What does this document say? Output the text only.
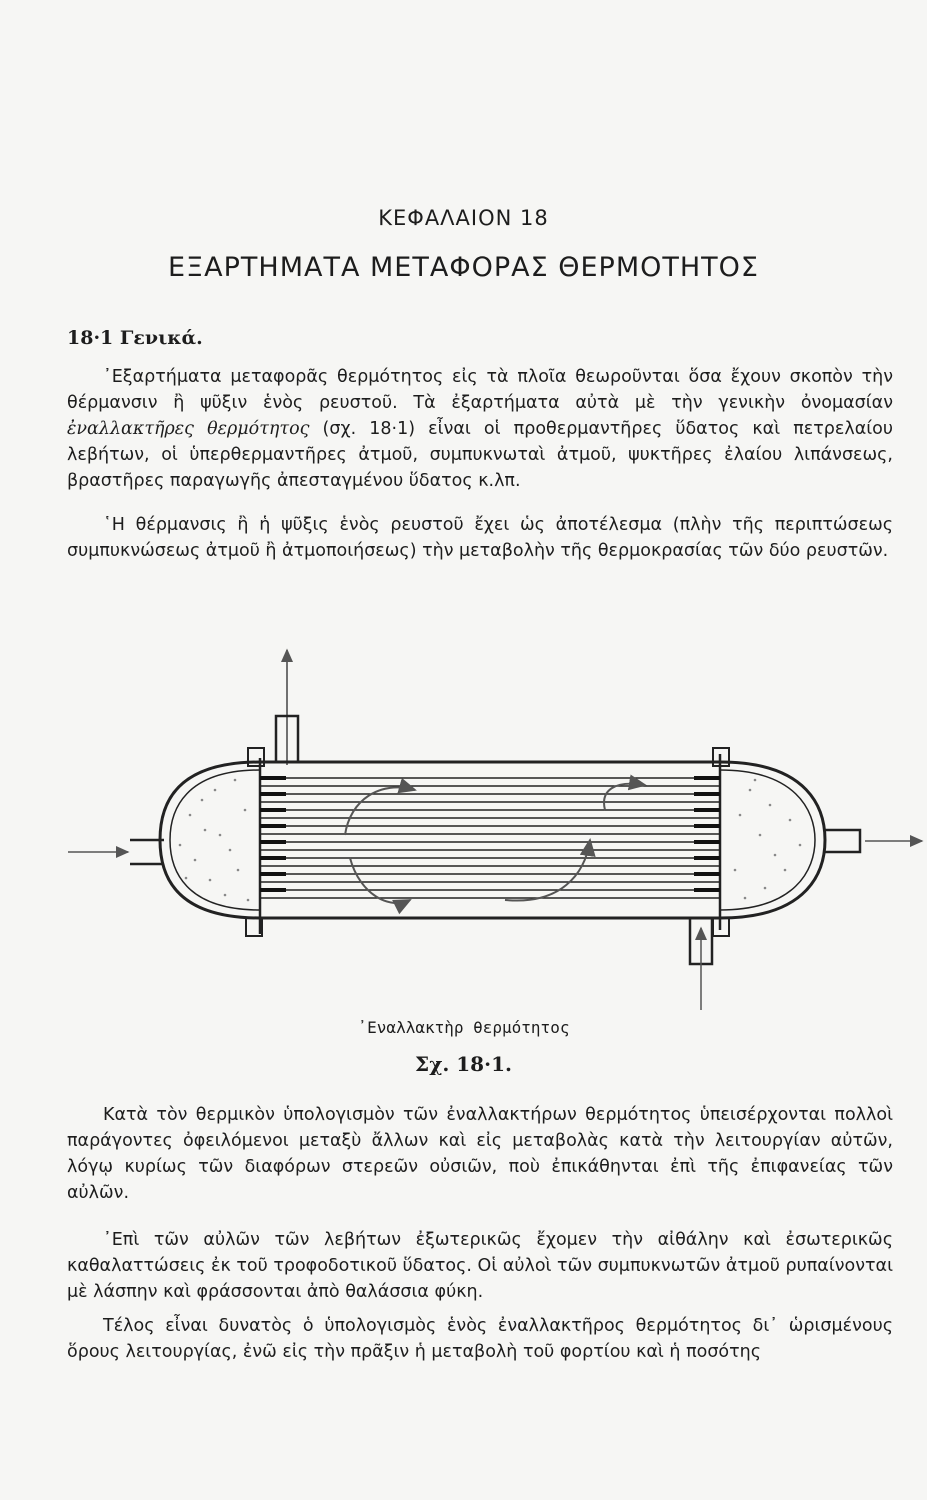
ΚΕΦΑΛΑΙΟΝ 18
ΕΞΑΡΤΗΜΑΤΑ ΜΕΤΑΦΟΡΑΣ ΘΕΡΜΟΤΗΤΟΣ
18·1 Γενικά.

᾿Εξαρτήματα μεταφορᾶς θερμότητος εἰς τὰ πλοῖα θεωροῦνται ὅσα ἔχουν σκοπὸν τὴν θέρμανσιν ἢ ψῦξιν ἑνὸς ρευστοῦ. Τὰ ἐξαρτήματα αὐτὰ μὲ τὴν γενικὴν ὀνομασίαν ἐναλλακτῆρες θερμότητος (σχ. 18·1) εἶναι οἱ προθερμαντῆρες ὕδατος καὶ πετρελαίου λεβήτων, οἱ ὑπερθερμαντῆρες ἀτμοῦ, συμπυκνωταὶ ἀτμοῦ, ψυκτῆρες ἐλαίου λιπάνσεως, βραστῆρες παραγωγῆς ἀπεσταγμένου ὕδατος κ.λπ.

῾Η θέρμανσις ἢ ἡ ψῦξις ἑνὸς ρευστοῦ ἔχει ὡς ἀποτέλεσμα (πλὴν τῆς περιπτώσεως συμπυκνώσεως ἀτμοῦ ἢ ἀτμοποιήσεως) τὴν μεταβολὴν τῆς θερμοκρασίας τῶν δύο ρευστῶν.

᾿Εναλλακτὴρ θερμότητος
Σχ. 18·1.

Κατὰ τὸν θερμικὸν ὑπολογισμὸν τῶν ἐναλλακτήρων θερμότητος ὑπεισέρχονται πολλοὶ παράγοντες ὀφειλόμενοι μεταξὺ ἄλλων καὶ εἰς μεταβολὰς κατὰ τὴν λειτουργίαν αὐτῶν, λόγῳ κυρίως τῶν διαφόρων στερεῶν οὐσιῶν, ποὺ ἐπικάθηνται ἐπὶ τῆς ἐπιφανείας τῶν αὐλῶν.

᾿Επὶ τῶν αὐλῶν τῶν λεβήτων ἐξωτερικῶς ἔχομεν τὴν αἰθάλην καὶ ἐσωτερικῶς καθαλαττώσεις ἐκ τοῦ τροφοδοτικοῦ ὕδατος. Οἱ αὐλοὶ τῶν συμπυκνωτῶν ἀτμοῦ ρυπαίνονται μὲ λάσπην καὶ φράσσονται ἀπὸ θαλάσσια φύκη.

Τέλος εἶναι δυνατὸς ὁ ὑπολογισμὸς ἑνὸς ἐναλλακτῆρος θερμότητος δι᾿ ὡρισμένους ὅρους λειτουργίας, ἐνῶ εἰς τὴν πρᾶξιν ἡ μεταβολὴ τοῦ φορτίου καὶ ἡ ποσότης
